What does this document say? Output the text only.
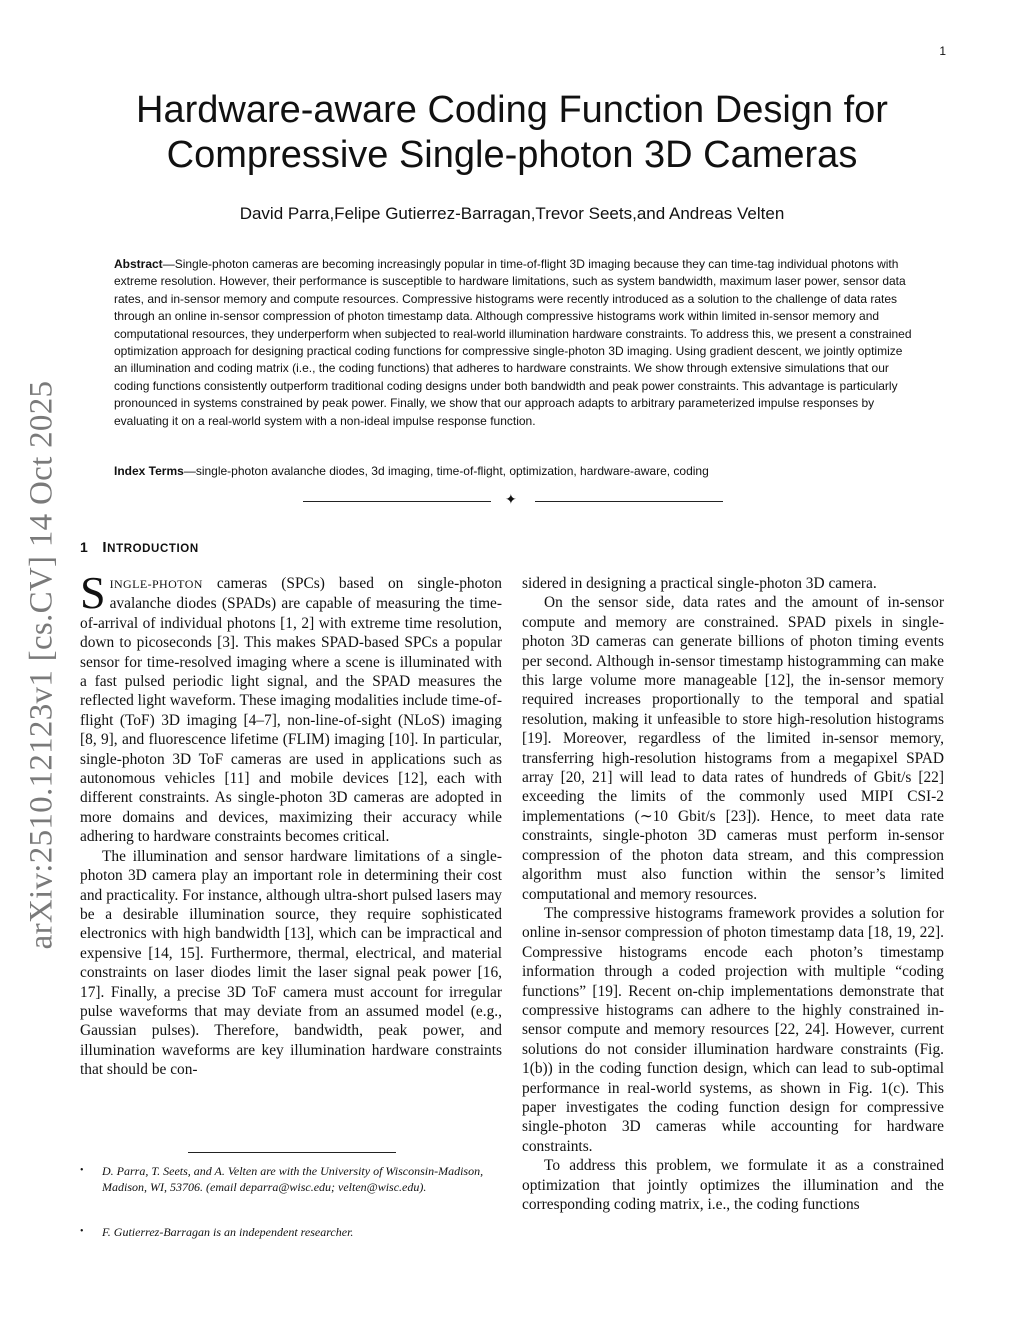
1
arXiv:2510.12123v1 [cs.CV] 14 Oct 2025
Hardware-aware Coding Function Design for Compressive Single-photon 3D Cameras
David Parra,Felipe Gutierrez-Barragan,Trevor Seets,and Andreas Velten
Abstract—Single-photon cameras are becoming increasingly popular in time-of-flight 3D imaging because they can time-tag individual photons with extreme resolution. However, their performance is susceptible to hardware limitations, such as system bandwidth, maximum laser power, sensor data rates, and in-sensor memory and compute resources. Compressive histograms were recently introduced as a solution to the challenge of data rates through an online in-sensor compression of photon timestamp data. Although compressive histograms work within limited in-sensor memory and computational resources, they underperform when subjected to real-world illumination hardware constraints. To address this, we present a constrained optimization approach for designing practical coding functions for compressive single-photon 3D imaging. Using gradient descent, we jointly optimize an illumination and coding matrix (i.e., the coding functions) that adheres to hardware constraints. We show through extensive simulations that our coding functions consistently outperform traditional coding designs under both bandwidth and peak power constraints. This advantage is particularly pronounced in systems constrained by peak power. Finally, we show that our approach adapts to arbitrary parameterized impulse responses by evaluating it on a real-world system with a non-ideal impulse response function.
Index Terms—single-photon avalanche diodes, 3d imaging, time-of-flight, optimization, hardware-aware, coding
✦
1 INTRODUCTION

SINGLE-PHOTON cameras (SPCs) based on single-photon avalanche diodes (SPADs) are capable of measuring the time-of-arrival of individual photons [1, 2] with extreme time resolution, down to picoseconds [3]. This makes SPAD-based SPCs a popular sensor for time-resolved imaging where a scene is illuminated with a fast pulsed periodic light signal, and the SPAD measures the reflected light waveform. These imaging modalities include time-of-flight (ToF) 3D imaging [4–7], non-line-of-sight (NLoS) imaging [8, 9], and fluorescence lifetime (FLIM) imaging [10]. In particular, single-photon 3D ToF cameras are used in applications such as autonomous vehicles [11] and mobile devices [12], each with different constraints. As single-photon 3D cameras are adopted in more domains and devices, maximizing their accuracy while adhering to hardware constraints becomes critical.

The illumination and sensor hardware limitations of a single-photon 3D camera play an important role in determining their cost and practicality. For instance, although ultra-short pulsed lasers may be a desirable illumination source, they require sophisticated electronics with high bandwidth [13], which can be impractical and expensive [14, 15]. Furthermore, thermal, electrical, and material constraints on laser diodes limit the laser signal peak power [16, 17]. Finally, a precise 3D ToF camera must account for irregular pulse waveforms that may deviate from an assumed model (e.g., Gaussian pulses). Therefore, bandwidth, peak power, and illumination waveforms are key illumination hardware constraints that should be con-

sidered in designing a practical single-photon 3D camera.

On the sensor side, data rates and the amount of in-sensor compute and memory are constrained. SPAD pixels in single-photon 3D cameras can generate billions of photon timing events per second. Although in-sensor timestamp histogramming can make this large volume more manageable [12], the in-sensor memory required increases proportionally to the temporal and spatial resolution, making it unfeasible to store high-resolution histograms [19]. Moreover, regardless of the limited in-sensor memory, transferring high-resolution histograms from a megapixel SPAD array [20, 21] will lead to data rates of hundreds of Gbit/s [22] exceeding the limits of the commonly used MIPI CSI-2 implementations (∼10 Gbit/s [23]). Hence, to meet data rate constraints, single-photon 3D cameras must perform in-sensor compression of the photon data stream, and this compression algorithm must also function within the sensor’s limited computational and memory resources.

The compressive histograms framework provides a solution for online in-sensor compression of photon timestamp data [18, 19, 22]. Compressive histograms encode each photon’s timestamp information through a coded projection with multiple “coding functions” [19]. Recent on-chip implementations demonstrate that compressive histograms can adhere to the highly constrained in-sensor compute and memory resources [22, 24]. However, current solutions do not consider illumination hardware constraints (Fig. 1(b)) in the coding function design, which can lead to sub-optimal performance in real-world systems, as shown in Fig. 1(c). This paper investigates the coding function design for compressive single-photon 3D cameras while accounting for hardware constraints.

To address this problem, we formulate it as a constrained optimization that jointly optimizes the illumination and the corresponding coding matrix, i.e., the coding functions

• D. Parra, T. Seets, and A. Velten are with the University of Wisconsin-Madison, Madison, WI, 53706. (email deparra@wisc.edu; velten@wisc.edu).
• F. Gutierrez-Barragan is an independent researcher.
